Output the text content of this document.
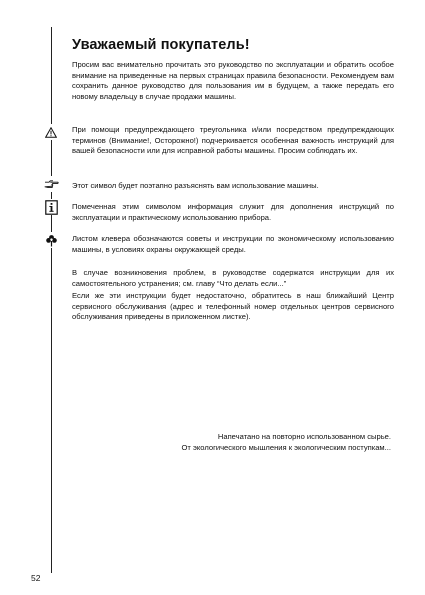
Уважаемый покупатель!
Просим вас внимательно прочитать это руководство по эксплуатации и обратить особое внимание на приведенные на первых страницах правила безопасности. Рекомендуем вам сохранить данное руководство для пользования им в будущем, а также передать его новому владельцу в случае продажи машины.
При помощи предупреждающего треугольника и/или посредством предупреждающих терминов (Внимание!, Осторожно!) подчеркивается особенная важность инструкций для вашей безопасности или для исправной работы машины. Просим соблюдать их.
Этот символ будет поэтапно разъяснять вам использование машины.
Помеченная этим символом информация служит для дополнения инструкций по эксплуатации и практическому использованию прибора.
Листом клевера обозначаются советы и инструкции по экономическому использованию машины, в условиях охраны окружающей среды.
В случае возникновения проблем, в руководстве содержатся инструкции для их самостоятельного устранения; см. главу “Что делать если...”
Если же эти инструкции будет недостаточно, обратитесь в наш ближайший Центр сервисного обслуживания (адрес и телефонный номер отдельных центров сервисного обслуживания приведены в приложенном листке).
Напечатано на повторно использованном сырье.
От экологического мышления к экологическим поступкам...
52
